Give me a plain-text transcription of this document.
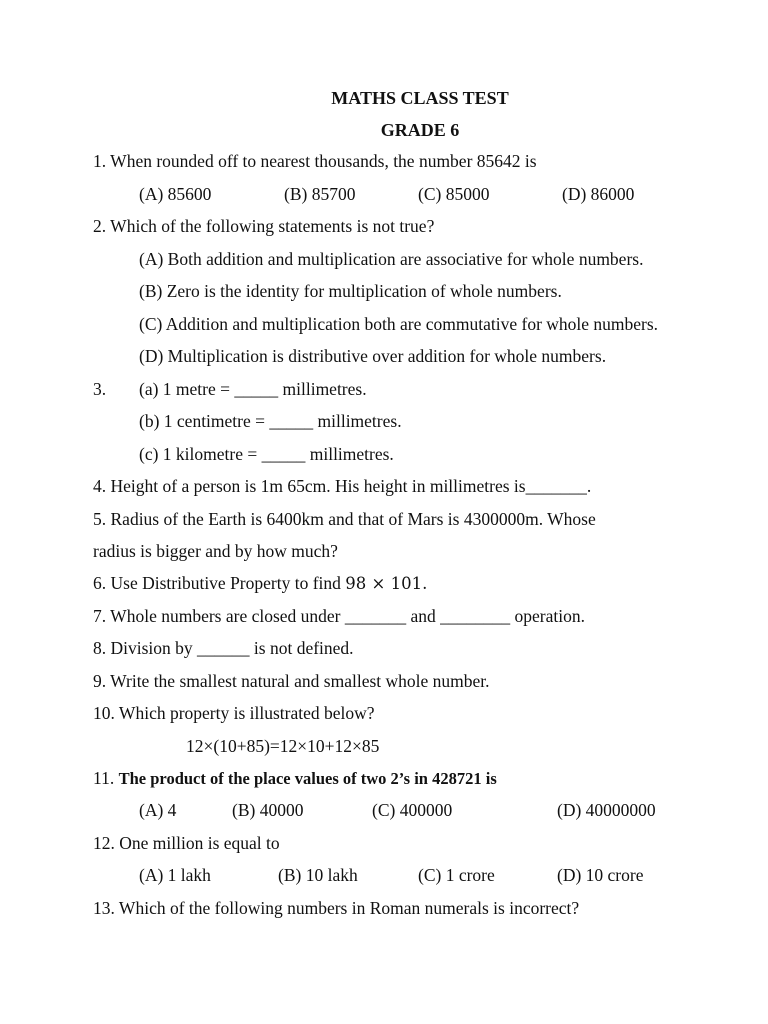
MATHS CLASS TEST
GRADE 6
1. When rounded off to nearest thousands, the number 85642 is
(A) 85600	(B) 85700	(C) 85000	(D) 86000
2. Which of the following statements is not true?
(A) Both addition and multiplication are associative for whole numbers.
(B) Zero is the identity for multiplication of whole numbers.
(C) Addition and multiplication both are commutative for whole numbers.
(D) Multiplication is distributive over addition for whole numbers.
3. (a) 1 metre = _____ millimetres.
(b) 1 centimetre = _____ millimetres.
(c) 1 kilometre = _____ millimetres.
4. Height of a person is 1m 65cm. His height in millimetres is_______.
5. Radius of the Earth is 6400km and that of Mars is 4300000m. Whose
radius is bigger and by how much?
6. Use Distributive Property to find 98 × 101.
7. Whole numbers are closed under _______ and ________ operation.
8. Division by ______ is not defined.
9. Write the smallest natural and smallest whole number.
10. Which property is illustrated below?
12×(10+85)=12×10+12×85
11. The product of the place values of two 2’s in 428721 is
(A) 4	(B) 40000	(C) 400000	(D) 40000000
12. One million is equal to
(A) 1 lakh	(B) 10 lakh	(C) 1 crore	(D) 10 crore
13. Which of the following numbers in Roman numerals is incorrect?
